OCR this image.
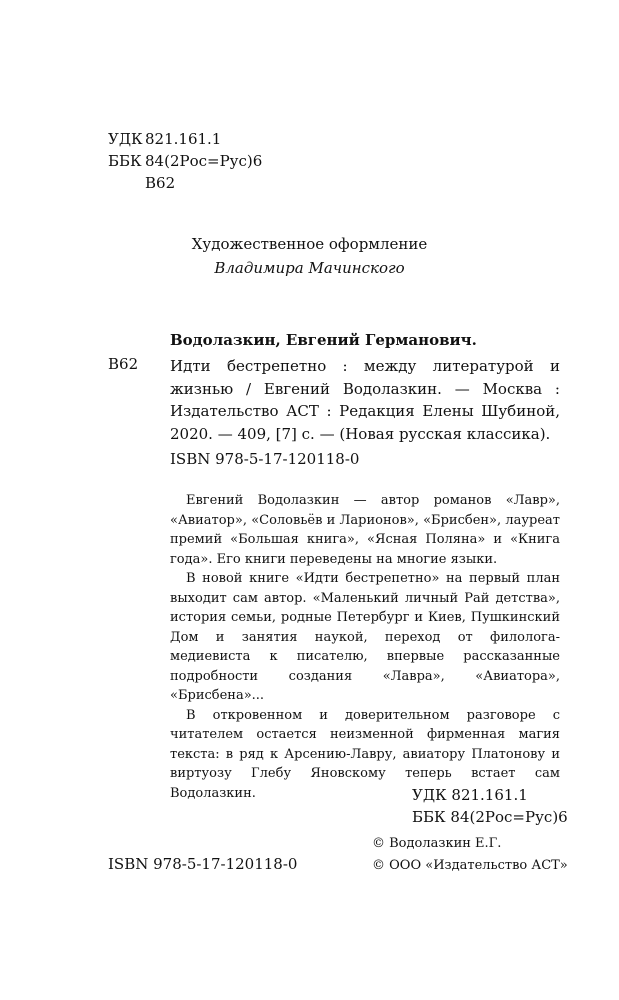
УДК 821.161.1
ББК 84(2Рос=Рус)6
В62
Художественное оформление
Владимира Мачинского
Водолазкин, Евгений Германович.
В62 Идти бестрепетно : между литературой и жизнью / Евгений Водолазкин. — Москва : Издательство АСТ : Редакция Елены Шубиной, 2020. — 409, [7] с. — (Новая русская классика).
ISBN 978-5-17-120118-0

Евгений Водолазкин — автор романов «Лавр», «Авиатор», «Соловьёв и Ларионов», «Брисбен», лауреат премий «Большая книга», «Ясная Поляна» и «Книга года». Его книги переведены на многие языки.

В новой книге «Идти бестрепетно» на первый план выходит сам автор. «Маленький личный Рай детства», история семьи, родные Петербург и Киев, Пушкинский Дом и занятия наукой, переход от филолога-медиевиста к писателю, впервые рассказанные подробности создания «Лавра», «Авиатора», «Брисбена»...

В откровенном и доверительном разговоре с читателем остается неизменной фирменная магия текста: в ряд к Арсению-Лавру, авиатору Платонову и виртуозу Глебу Яновскому теперь встает сам Водолазкин.	УДК 821.161.1
ББК 84(2Рос=Рус)6
© Водолазкин Е.Г.
© ООО «Издательство АСТ»
ISBN 978-5-17-120118-0
